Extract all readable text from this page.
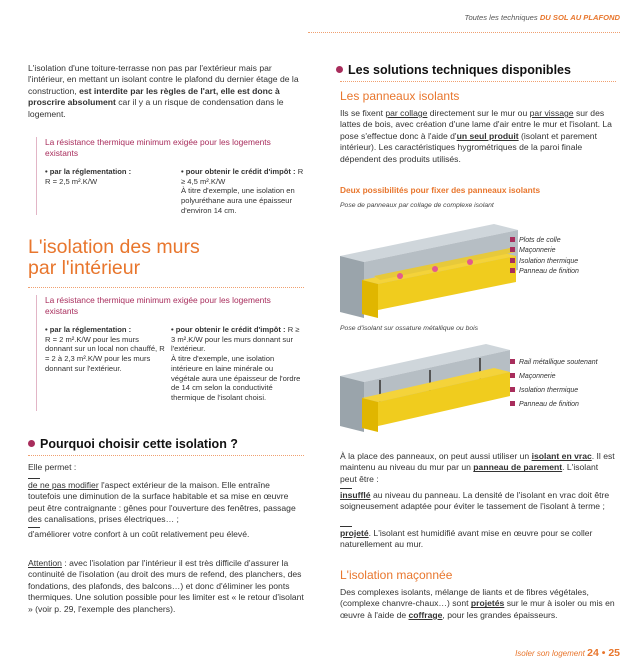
Toutes les techniques DU SOL AU PLAFOND

L'isolation d'une toiture-terrasse non pas par l'extérieur mais par l'intérieur, en mettant un isolant contre le plafond du dernier étage de la construction, est interdite par les règles de l'art, elle est donc à proscrire absolument car il y a un risque de condensation dans le logement.

La résistance thermique minimum exigée pour les logements existants
• par la réglementation :
R = 2,5 m².K/W
• pour obtenir le crédit d'impôt : R ≥ 4,5 m².K/W
À titre d'exemple, une isolation en polyuréthane aura une épaisseur d'environ 14 cm.
L'isolation des murs
par l'intérieur
La résistance thermique minimum exigée pour les logements existants
• par la réglementation :
R = 2 m².K/W pour les murs donnant sur un local non chauffé, R = 2 à 2,3 m².K/W pour les murs donnant sur l'extérieur.
• pour obtenir le crédit d'impôt : R ≥ 3 m².K/W pour les murs donnant sur l'extérieur.
À titre d'exemple, une isolation intérieure en laine minérale ou végétale aura une épaisseur de l'ordre de 14 cm selon la conductivité thermique de l'isolant choisi.
Pourquoi choisir cette isolation ?

Elle permet :

de ne pas modifier l'aspect extérieur de la maison. Elle entraîne toutefois une diminution de la surface habitable et sa mise en œuvre peut être contraignante : gênes pour l'ouverture des fenêtres, passage des canalisations, prises électriques… ;

d'améliorer votre confort à un coût relativement peu élevé.

Attention : avec l'isolation par l'intérieur il est très difficile d'assurer la continuité de l'isolation (au droit des murs de refend, des planchers, des fondations, des plafonds, des balcons…) et donc d'éliminer les ponts thermiques. Une solution possible pour les limiter est « le retour d'isolant » (voir p. 29, l'exemple des planchers).

Les solutions techniques disponibles
Les panneaux isolants

Ils se fixent par collage directement sur le mur ou par vissage sur des lattes de bois, avec création d'une lame d'air entre le mur et l'isolant. La pose s'effectue donc à l'aide d'un seul produit (isolant et parement intérieur). Les caractéristiques hygrométriques de la paroi finale dépendent des produits utilisés.

Deux possibilités pour fixer des panneaux isolants
Pose de panneaux par collage de complexe isolant
Plots de colle
Maçonnerie
Isolation thermique
Panneau de finition
Pose d'isolant sur ossature métallique ou bois
Rail métallique soutenant
Maçonnerie
Isolation thermique
Panneau de finition

À la place des panneaux, on peut aussi utiliser un isolant en vrac. Il est maintenu au niveau du mur par un panneau de parement. L'isolant peut être :

insufflé au niveau du panneau. La densité de l'isolant en vrac doit être soigneusement adaptée pour éviter le tassement de l'isolant à terme ;

projeté. L'isolant est humidifié avant mise en œuvre pour se coller naturellement au mur.

L'isolation maçonnée

Des complexes isolants, mélange de liants et de fibres végétales, (complexe chanvre-chaux…) sont projetés sur le mur à isoler ou mis en œuvre à l'aide de coffrage, pour les grandes épaisseurs.

Isoler son logement 24 • 25
